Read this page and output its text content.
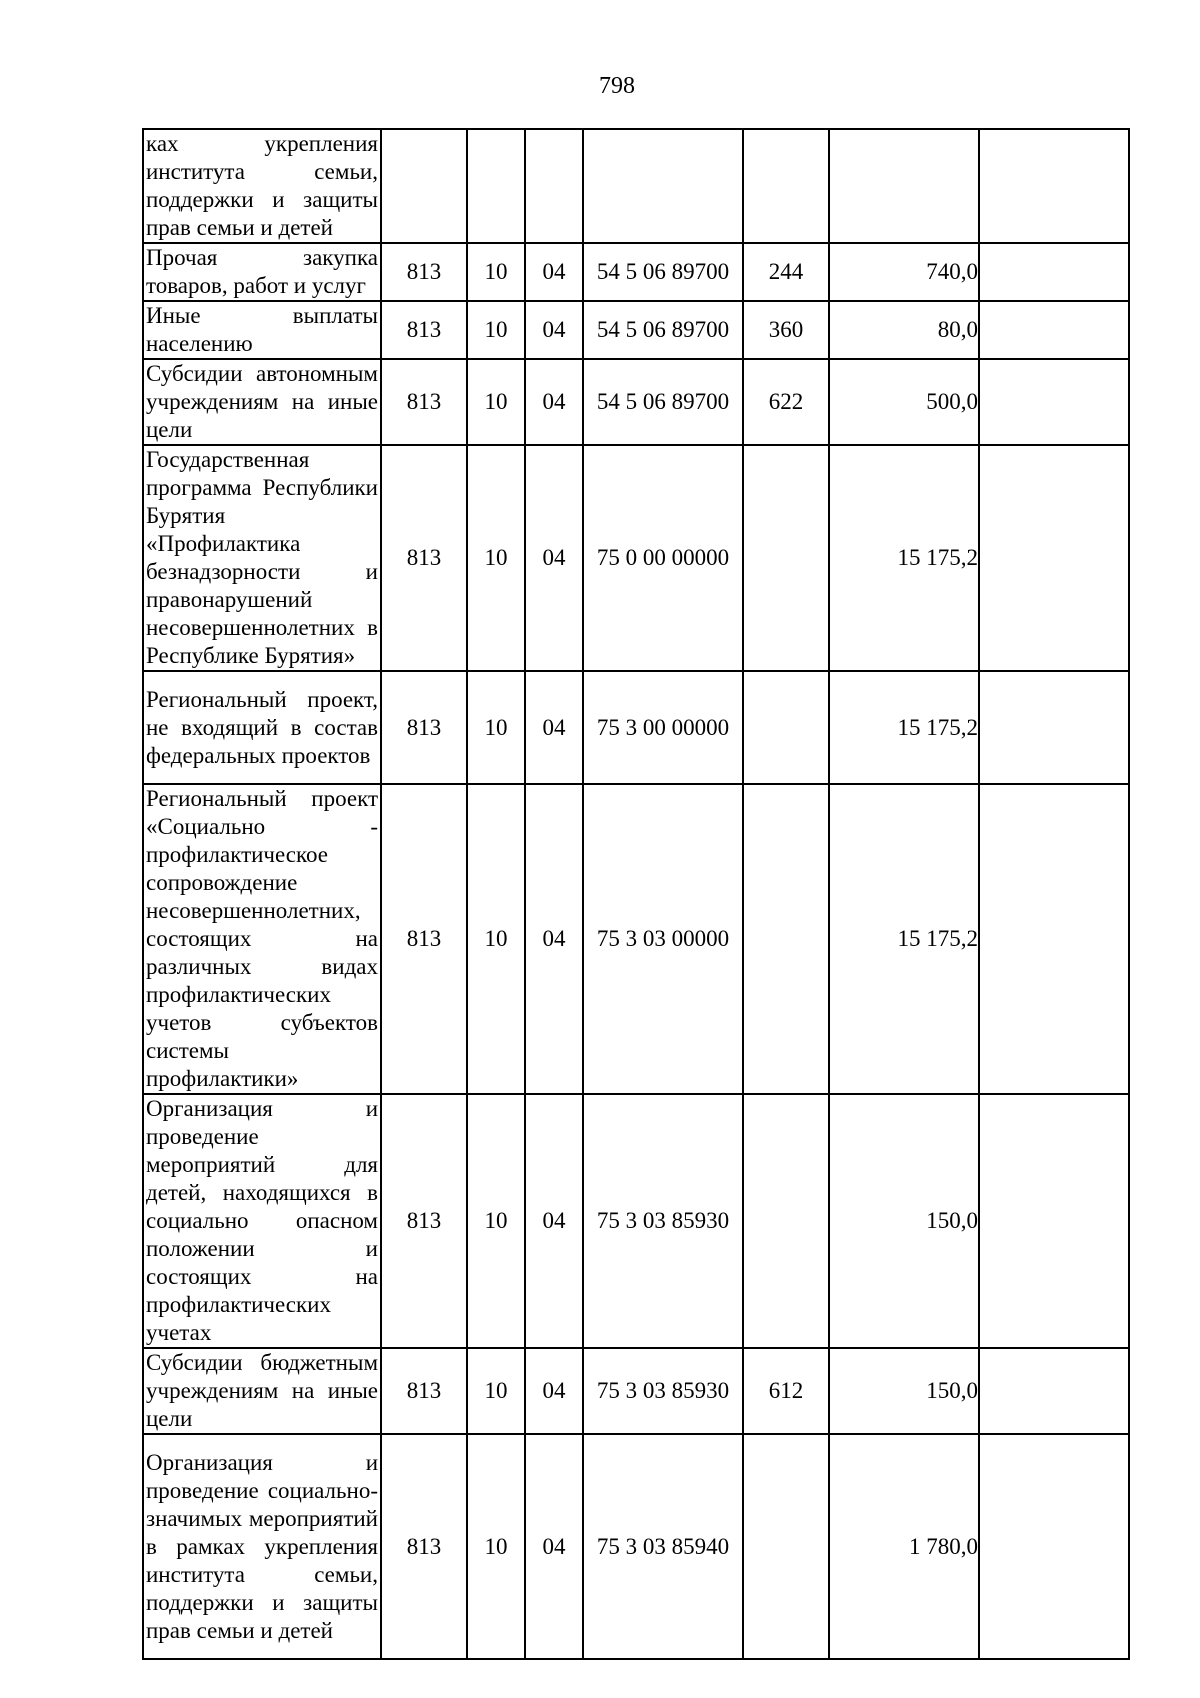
798
ках укрепления института семьи, поддержки и защиты прав семьи и детей							
Прочая закупка товаров, работ и услуг	813	10	04	54 5 06 89700	244	740,0	
Иные выплаты населению	813	10	04	54 5 06 89700	360	80,0	
Субсидии автономным учреждениям на иные цели	813	10	04	54 5 06 89700	622	500,0	
Государственная программа Республики Бурятия «Профилактика безнадзорности и правонарушений несовершеннолетних в Республике Бурятия»	813	10	04	75 0 00 00000		15 175,2	
Региональный проект, не входящий в состав федеральных проектов	813	10	04	75 3 00 00000		15 175,2	
Региональный проект «Социально - профилактическое сопровождение несовершеннолетних, состоящих на различных видах профилактических учетов субъектов системы профилактики»	813	10	04	75 3 03 00000		15 175,2	
Организация и проведение мероприятий для детей, находящихся в социально опасном положении и состоящих на профилактических учетах	813	10	04	75 3 03 85930		150,0	
Субсидии бюджетным учреждениям на иные цели	813	10	04	75 3 03 85930	612	150,0	
Организация и проведение социально-значимых мероприятий в рамках укрепления института семьи, поддержки и защиты прав семьи и детей	813	10	04	75 3 03 85940		1 780,0	
